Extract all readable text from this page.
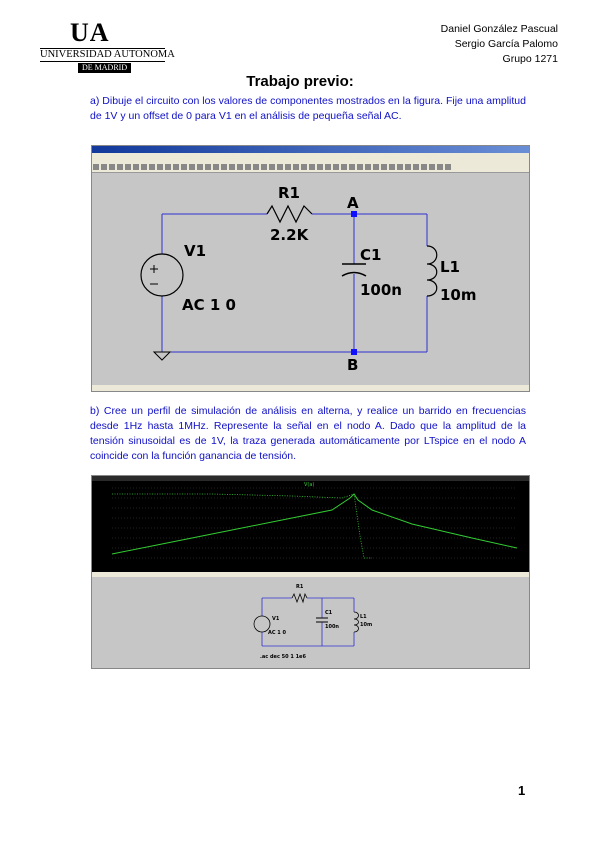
UA
UNIVERSIDAD AUTONOMA
DE MADRID
Daniel González Pascual
Sergio García Palomo
Grupo 1271
Trabajo previo:
a) Dibuje el circuito con los valores de componentes mostrados en la figura. Fije una amplitud de 1V y un offset de 0 para V1 en el análisis de pequeña señal AC.
R1
2.2K
A
B
V1
AC 1 0
C1
100n
L1
10m
b) Cree un perfil de simulación de análisis en alterna, y realice un barrido en frecuencias desde 1Hz hasta 1MHz. Represente la señal en el nodo A. Dado que la amplitud de la tensión sinusoidal es de 1V, la traza generada automáticamente por LTspice en el nodo A coincide con la función ganancia de tensión.
V(a)
R1
C1
100n
L1
10m
V1
AC 1 0
.ac dec 50 1 1e6
1
